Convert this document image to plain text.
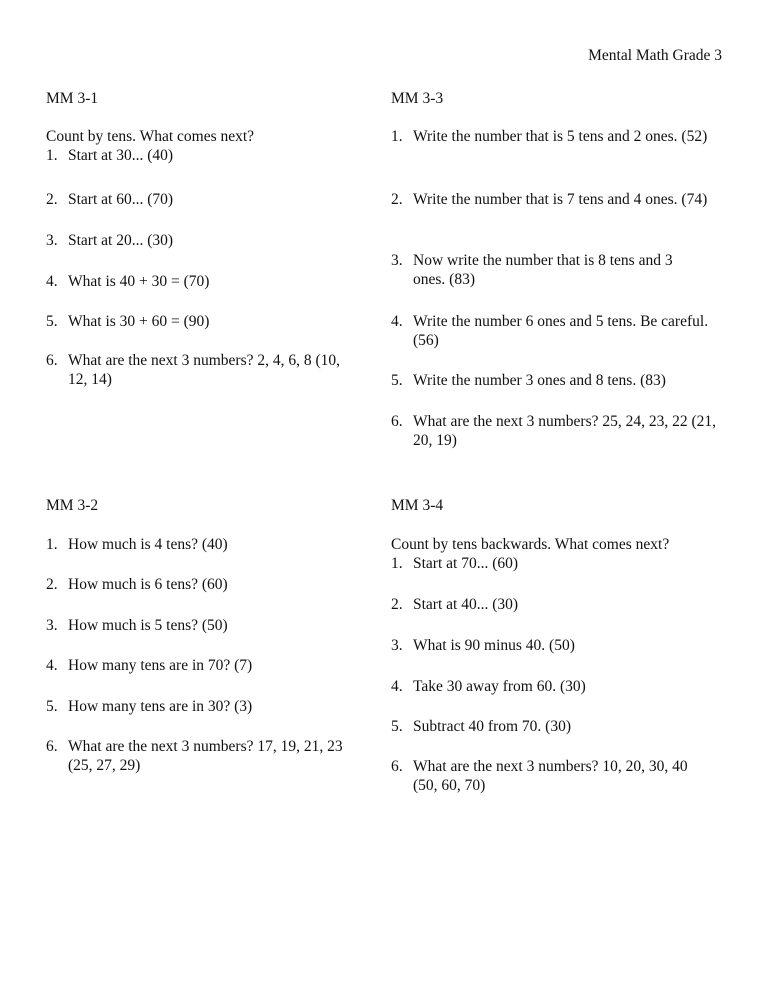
Mental Math Grade 3
MM 3-1
Count by tens. What comes next?
1. Start at 30... (40)
2. Start at 60... (70)
3. Start at 20... (30)
4. What is 40 + 30 = (70)
5. What is 30 + 60 = (90)
6. What are the next 3 numbers? 2, 4, 6, 8 (10, 12, 14)
MM 3-3
1. Write the number that is 5 tens and 2 ones. (52)
2. Write the number that is 7 tens and 4 ones. (74)
3. Now write the number that is 8 tens and 3 ones. (83)
4. Write the number 6 ones and 5 tens. Be careful. (56)
5. Write the number 3 ones and 8 tens. (83)
6. What are the next 3 numbers? 25, 24, 23, 22 (21, 20, 19)
MM 3-2
1. How much is 4 tens? (40)
2. How much is 6 tens? (60)
3. How much is 5 tens? (50)
4. How many tens are in 70? (7)
5. How many tens are in 30? (3)
6. What are the next 3 numbers? 17, 19, 21, 23 (25, 27, 29)
MM 3-4
Count by tens backwards. What comes next?
1. Start at 70... (60)
2. Start at 40... (30)
3. What is 90 minus 40. (50)
4. Take 30 away from 60. (30)
5. Subtract 40 from 70. (30)
6. What are the next 3 numbers? 10, 20, 30, 40 (50, 60, 70)
